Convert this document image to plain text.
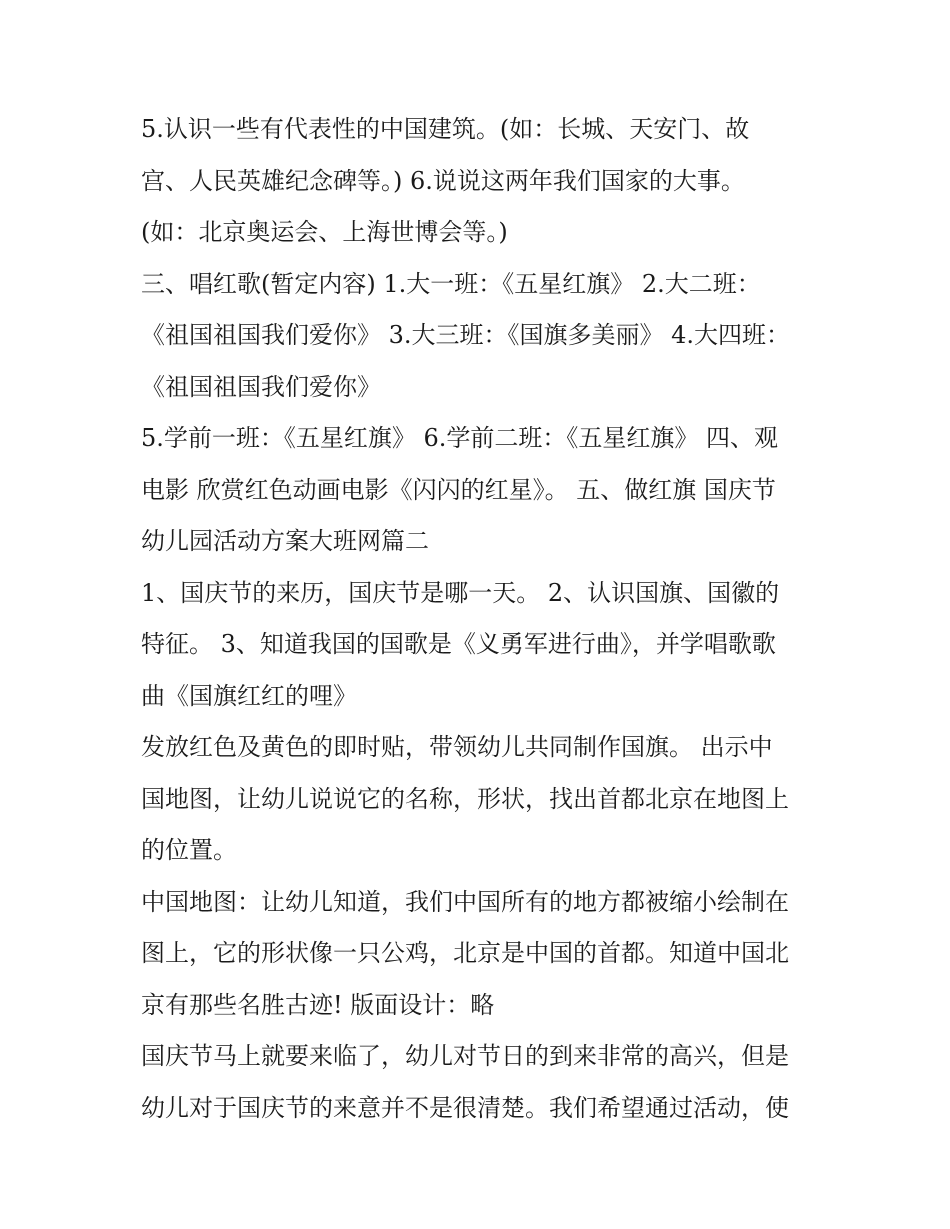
5.认识一些有代表性的中国建筑。(如：长城、天安门、故
宫、人民英雄纪念碑等。) 6.说说这两年我们国家的大事。
(如：北京奥运会、上海世博会等。)
三、唱红歌(暂定内容) 1.大一班：《五星红旗》 2.大二班：
《祖国祖国我们爱你》 3.大三班：《国旗多美丽》 4.大四班：
《祖国祖国我们爱你》
5.学前一班：《五星红旗》 6.学前二班：《五星红旗》 四、观
电影 欣赏红色动画电影《闪闪的红星》。 五、做红旗 国庆节
幼儿园活动方案大班网篇二
1、国庆节的来历，国庆节是哪一天。 2、认识国旗、国徽的
特征。 3、知道我国的国歌是《义勇军进行曲》，并学唱歌歌
曲《国旗红红的哩》
发放红色及黄色的即时贴，带领幼儿共同制作国旗。 出示中
国地图，让幼儿说说它的名称，形状，找出首都北京在地图上
的位置。
中国地图：让幼儿知道，我们中国所有的地方都被缩小绘制在
图上，它的形状像一只公鸡，北京是中国的首都。知道中国北
京有那些名胜古迹! 版面设计：略
国庆节马上就要来临了，幼儿对节日的到来非常的高兴，但是
幼儿对于国庆节的来意并不是很清楚。我们希望通过活动，使
